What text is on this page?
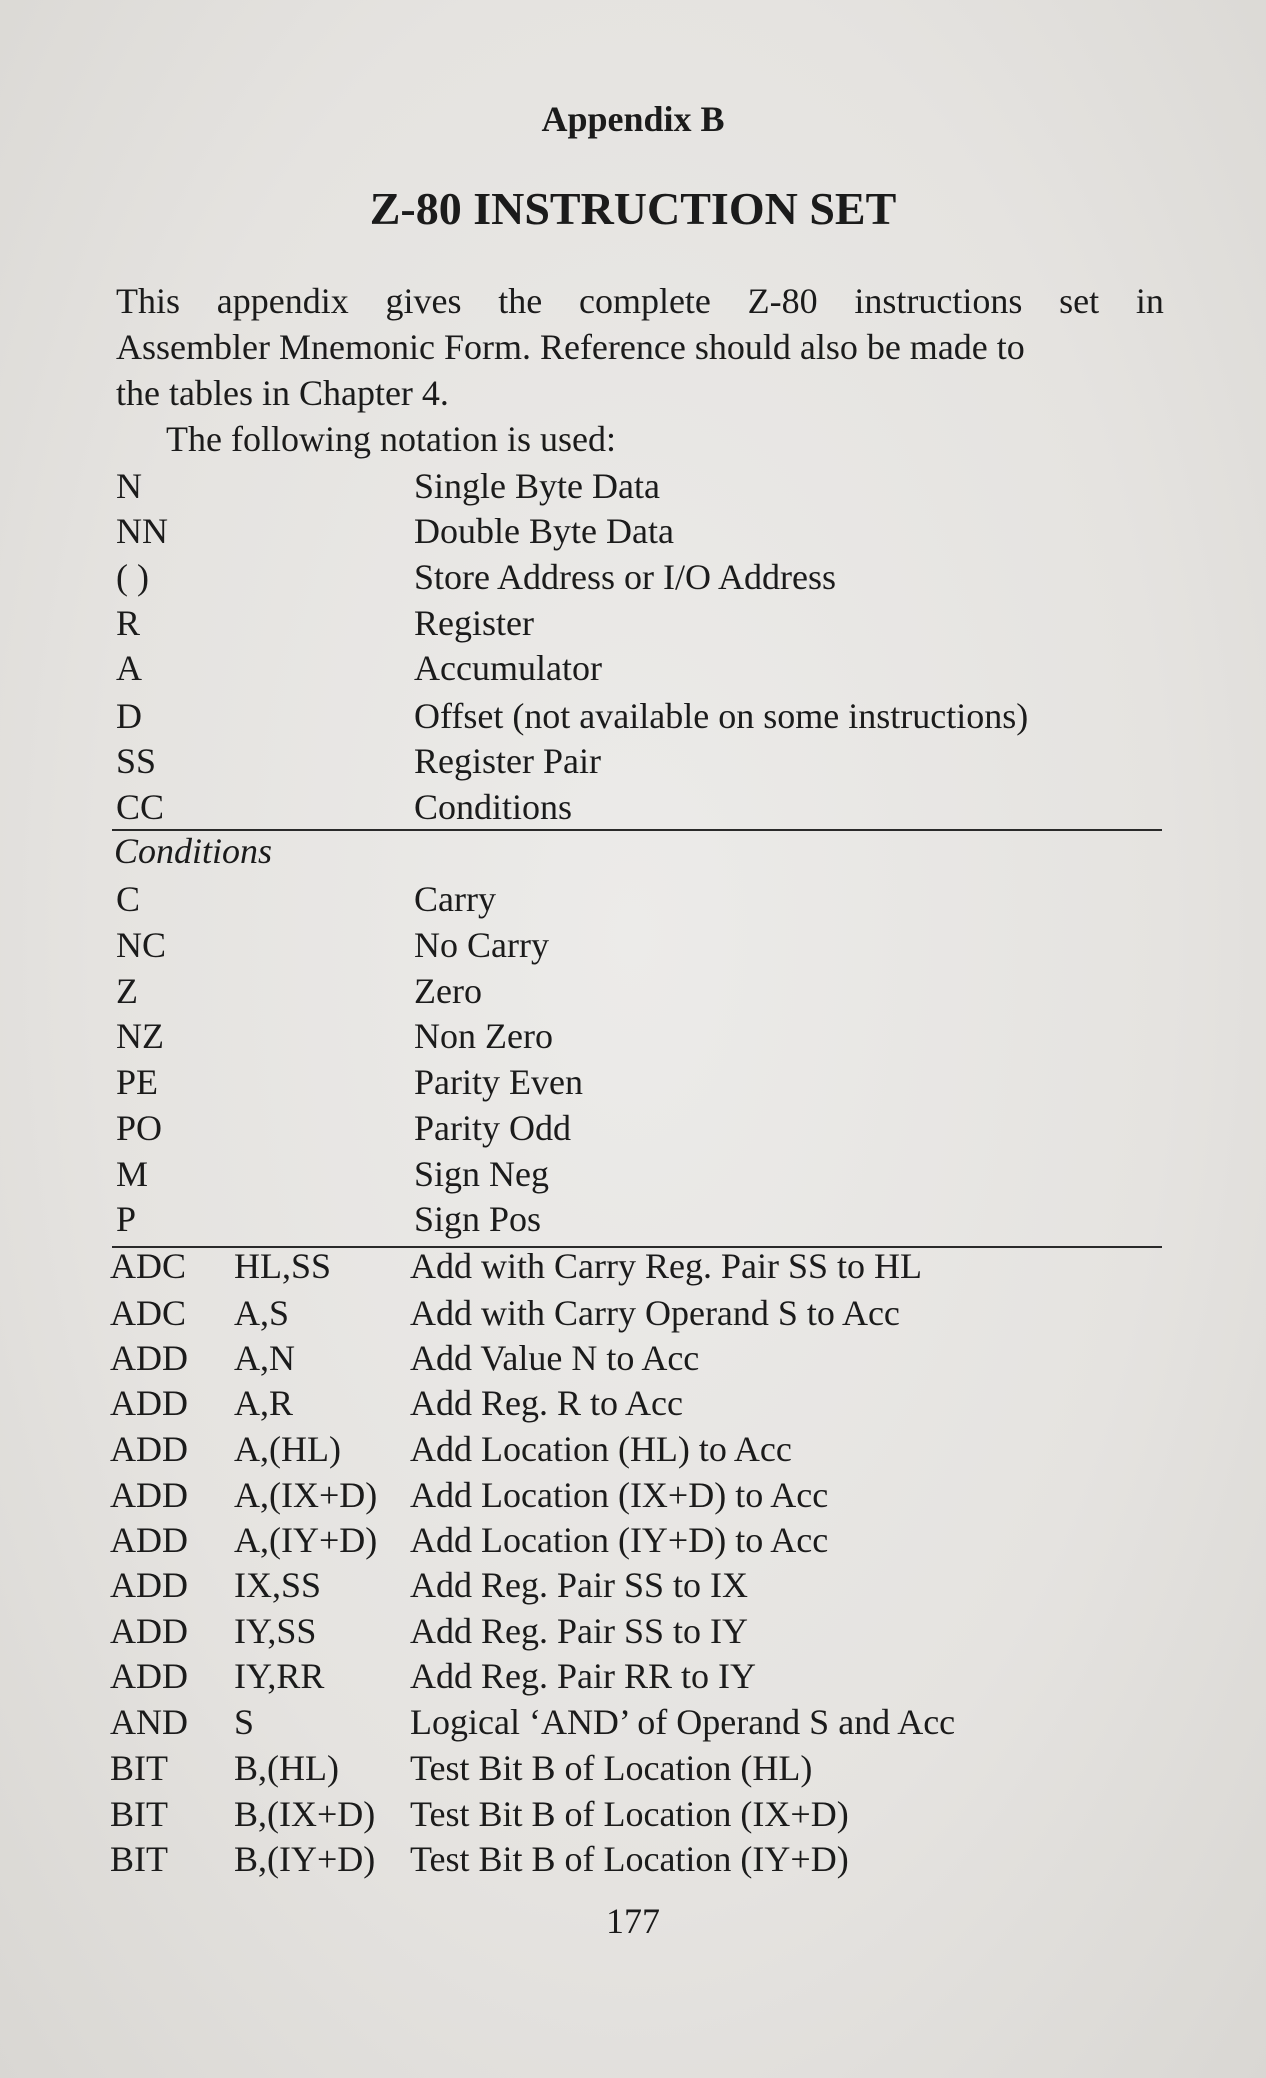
Appendix B
Z-80 INSTRUCTION SET
This appendix gives the complete Z-80 instructions set in
Assembler Mnemonic Form. Reference should also be made to
the tables in Chapter 4.
The following notation is used:
N	Single Byte Data
NN	Double Byte Data
( )	Store Address or I/O Address
R	Register
A	Accumulator
D	Offset (not available on some instructions)
SS	Register Pair
CC	Conditions
Conditions
C	Carry
NC	No Carry
Z	Zero
NZ	Non Zero
PE	Parity Even
PO	Parity Odd
M	Sign Neg
P	Sign Pos
ADC HL,SS Add with Carry Reg. Pair SS to HL
ADC A,S	Add with Carry Operand S to Acc
ADD A,N	Add Value N to Acc
ADD A,R	Add Reg. R to Acc
ADD A,(HL) Add Location (HL) to Acc
ADD A,(IX+D) Add Location (IX+D) to Acc
ADD A,(IY+D) Add Location (IY+D) to Acc
ADD IX,SS Add Reg. Pair SS to IX
ADD IY,SS	Add Reg. Pair SS to IY
ADD IY,RR Add Reg. Pair RR to IY
AND S	Logical ‘AND’ of Operand S and Acc
BIT B,(HL) Test Bit B of Location (HL)
BIT B,(IX+D) Test Bit B of Location (IX+D)
BIT B,(IY+D) Test Bit B of Location (IY+D)
177
